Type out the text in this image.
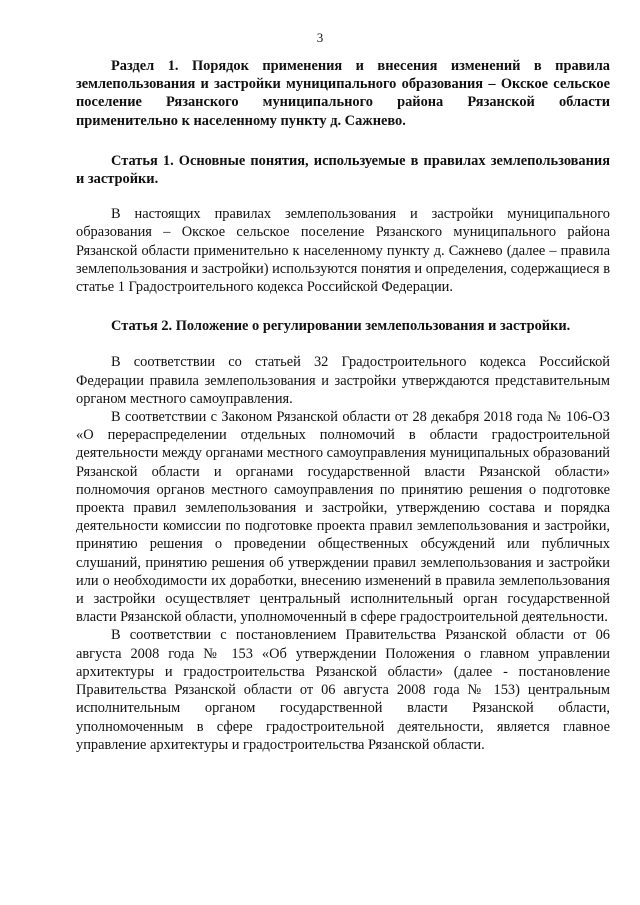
3

Раздел 1. Порядок применения и внесения изменений в правила землепользования и застройки муниципального образования – Окское сельское поселение Рязанского муниципального района Рязанской области применительно к населенному пункту д. Сажнево.

Статья 1. Основные понятия, используемые в правилах землепользования и застройки.

В настоящих правилах землепользования и застройки муниципального образования – Окское сельское поселение Рязанского муниципального района Рязанской области применительно к населенному пункту д. Сажнево (далее – правила землепользования и застройки) используются понятия и определения, содержащиеся в статье 1 Градостроительного кодекса Российской Федерации.

Статья 2. Положение о регулировании землепользования и застройки.

В соответствии со статьей 32 Градостроительного кодекса Российской Федерации правила землепользования и застройки утверждаются представительным органом местного самоуправления.

В соответствии с Законом Рязанской области от 28 декабря 2018 года № 106-ОЗ «О перераспределении отдельных полномочий в области градостроительной деятельности между органами местного самоуправления муниципальных образований Рязанской области и органами государственной власти Рязанской области» полномочия органов местного самоуправления по принятию решения о подготовке проекта правил землепользования и застройки, утверждению состава и порядка деятельности комиссии по подготовке проекта правил землепользования и застройки, принятию решения о проведении общественных обсуждений или публичных слушаний, принятию решения об утверждении правил землепользования и застройки или о необходимости их доработки, внесению изменений в правила землепользования и застройки осуществляет центральный исполнительный орган государственной власти Рязанской области, уполномоченный в сфере градостроительной деятельности.

В соответствии с постановлением Правительства Рязанской области от 06 августа 2008 года № 153 «Об утверждении Положения о главном управлении архитектуры и градостроительства Рязанской области» (далее - постановление Правительства Рязанской области от 06 августа 2008 года № 153) центральным исполнительным органом государственной власти Рязанской области, уполномоченным в сфере градостроительной деятельности, является главное управление архитектуры и градостроительства Рязанской области.
